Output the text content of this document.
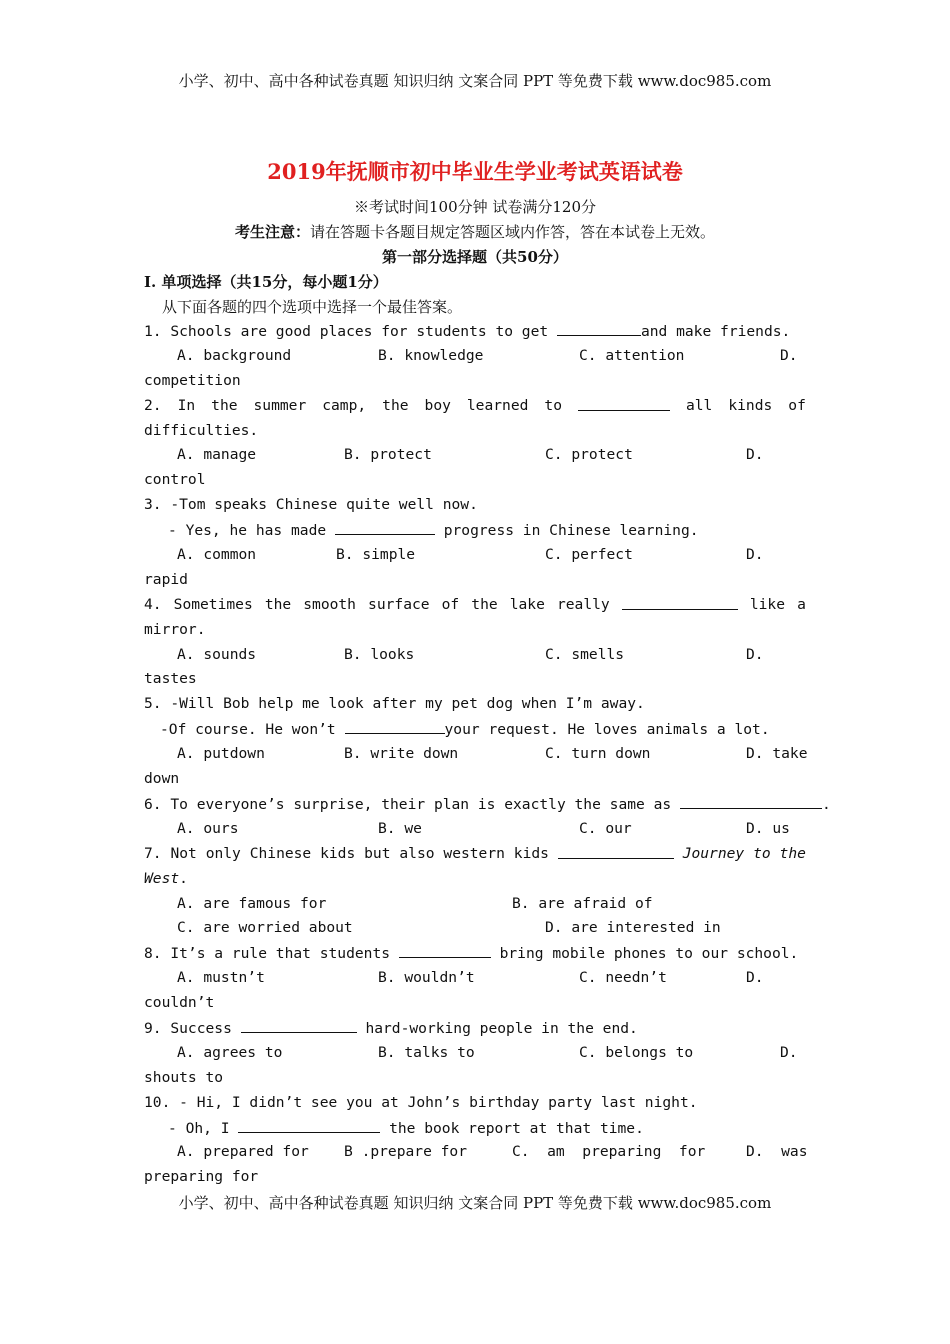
小学、初中、高中各种试卷真题 知识归纳 文案合同 PPT 等免费下载 www.doc985.com
2019年抚顺市初中毕业生学业考试英语试卷
※考试时间100分钟 试卷满分120分
考生注意：请在答题卡各题目规定答题区域内作答，答在本试卷上无效。
第一部分选择题（共50分）
I. 单项选择（共15分，每小题1分）
从下面各题的四个选项中选择一个最佳答案。
1. Schools are good places for students to get	and make friends.
A. background	B. knowledge	C. attention	D.
competition
2. In the summer camp, the boy learned to	all kinds of
difficulties.
A. manage	B. protect	C. protect	D.
control
3. -Tom speaks Chinese quite well now.
- Yes, he has made	progress in Chinese learning.
A. common	B. simple	C. perfect	D.
rapid
4. Sometimes the smooth surface of the lake really	like a
mirror.
A. sounds	B. looks	C. smells	D.
tastes
5. -Will Bob help me look after my pet dog when I’m away.
-Of course. He won’t	your request. He loves animals a lot.
A. putdown	B. write down	C. turn down	D. take
down
6. To everyone’s surprise, their plan is exactly the same as	.
A. ours	B. we	C. our	D. us
7. Not only Chinese kids but also western kids	Journey to the
West.
A. are famous for	B. are afraid of
C. are worried about	D. are interested in
8. It’s a rule that students	bring mobile phones to our school.
A. mustn’t	B. wouldn’t	C. needn’t	D.
couldn’t
9. Success	hard-working people in the end.
A. agrees to	B. talks to	C. belongs to	D.
shouts to
10. - Hi, I didn’t see you at John’s birthday party last night.
- Oh, I	the book report at that time.
A. prepared for B .prepare for	C.  am  preparing  for	D.  was
preparing for
小学、初中、高中各种试卷真题 知识归纳 文案合同 PPT 等免费下载 www.doc985.com
